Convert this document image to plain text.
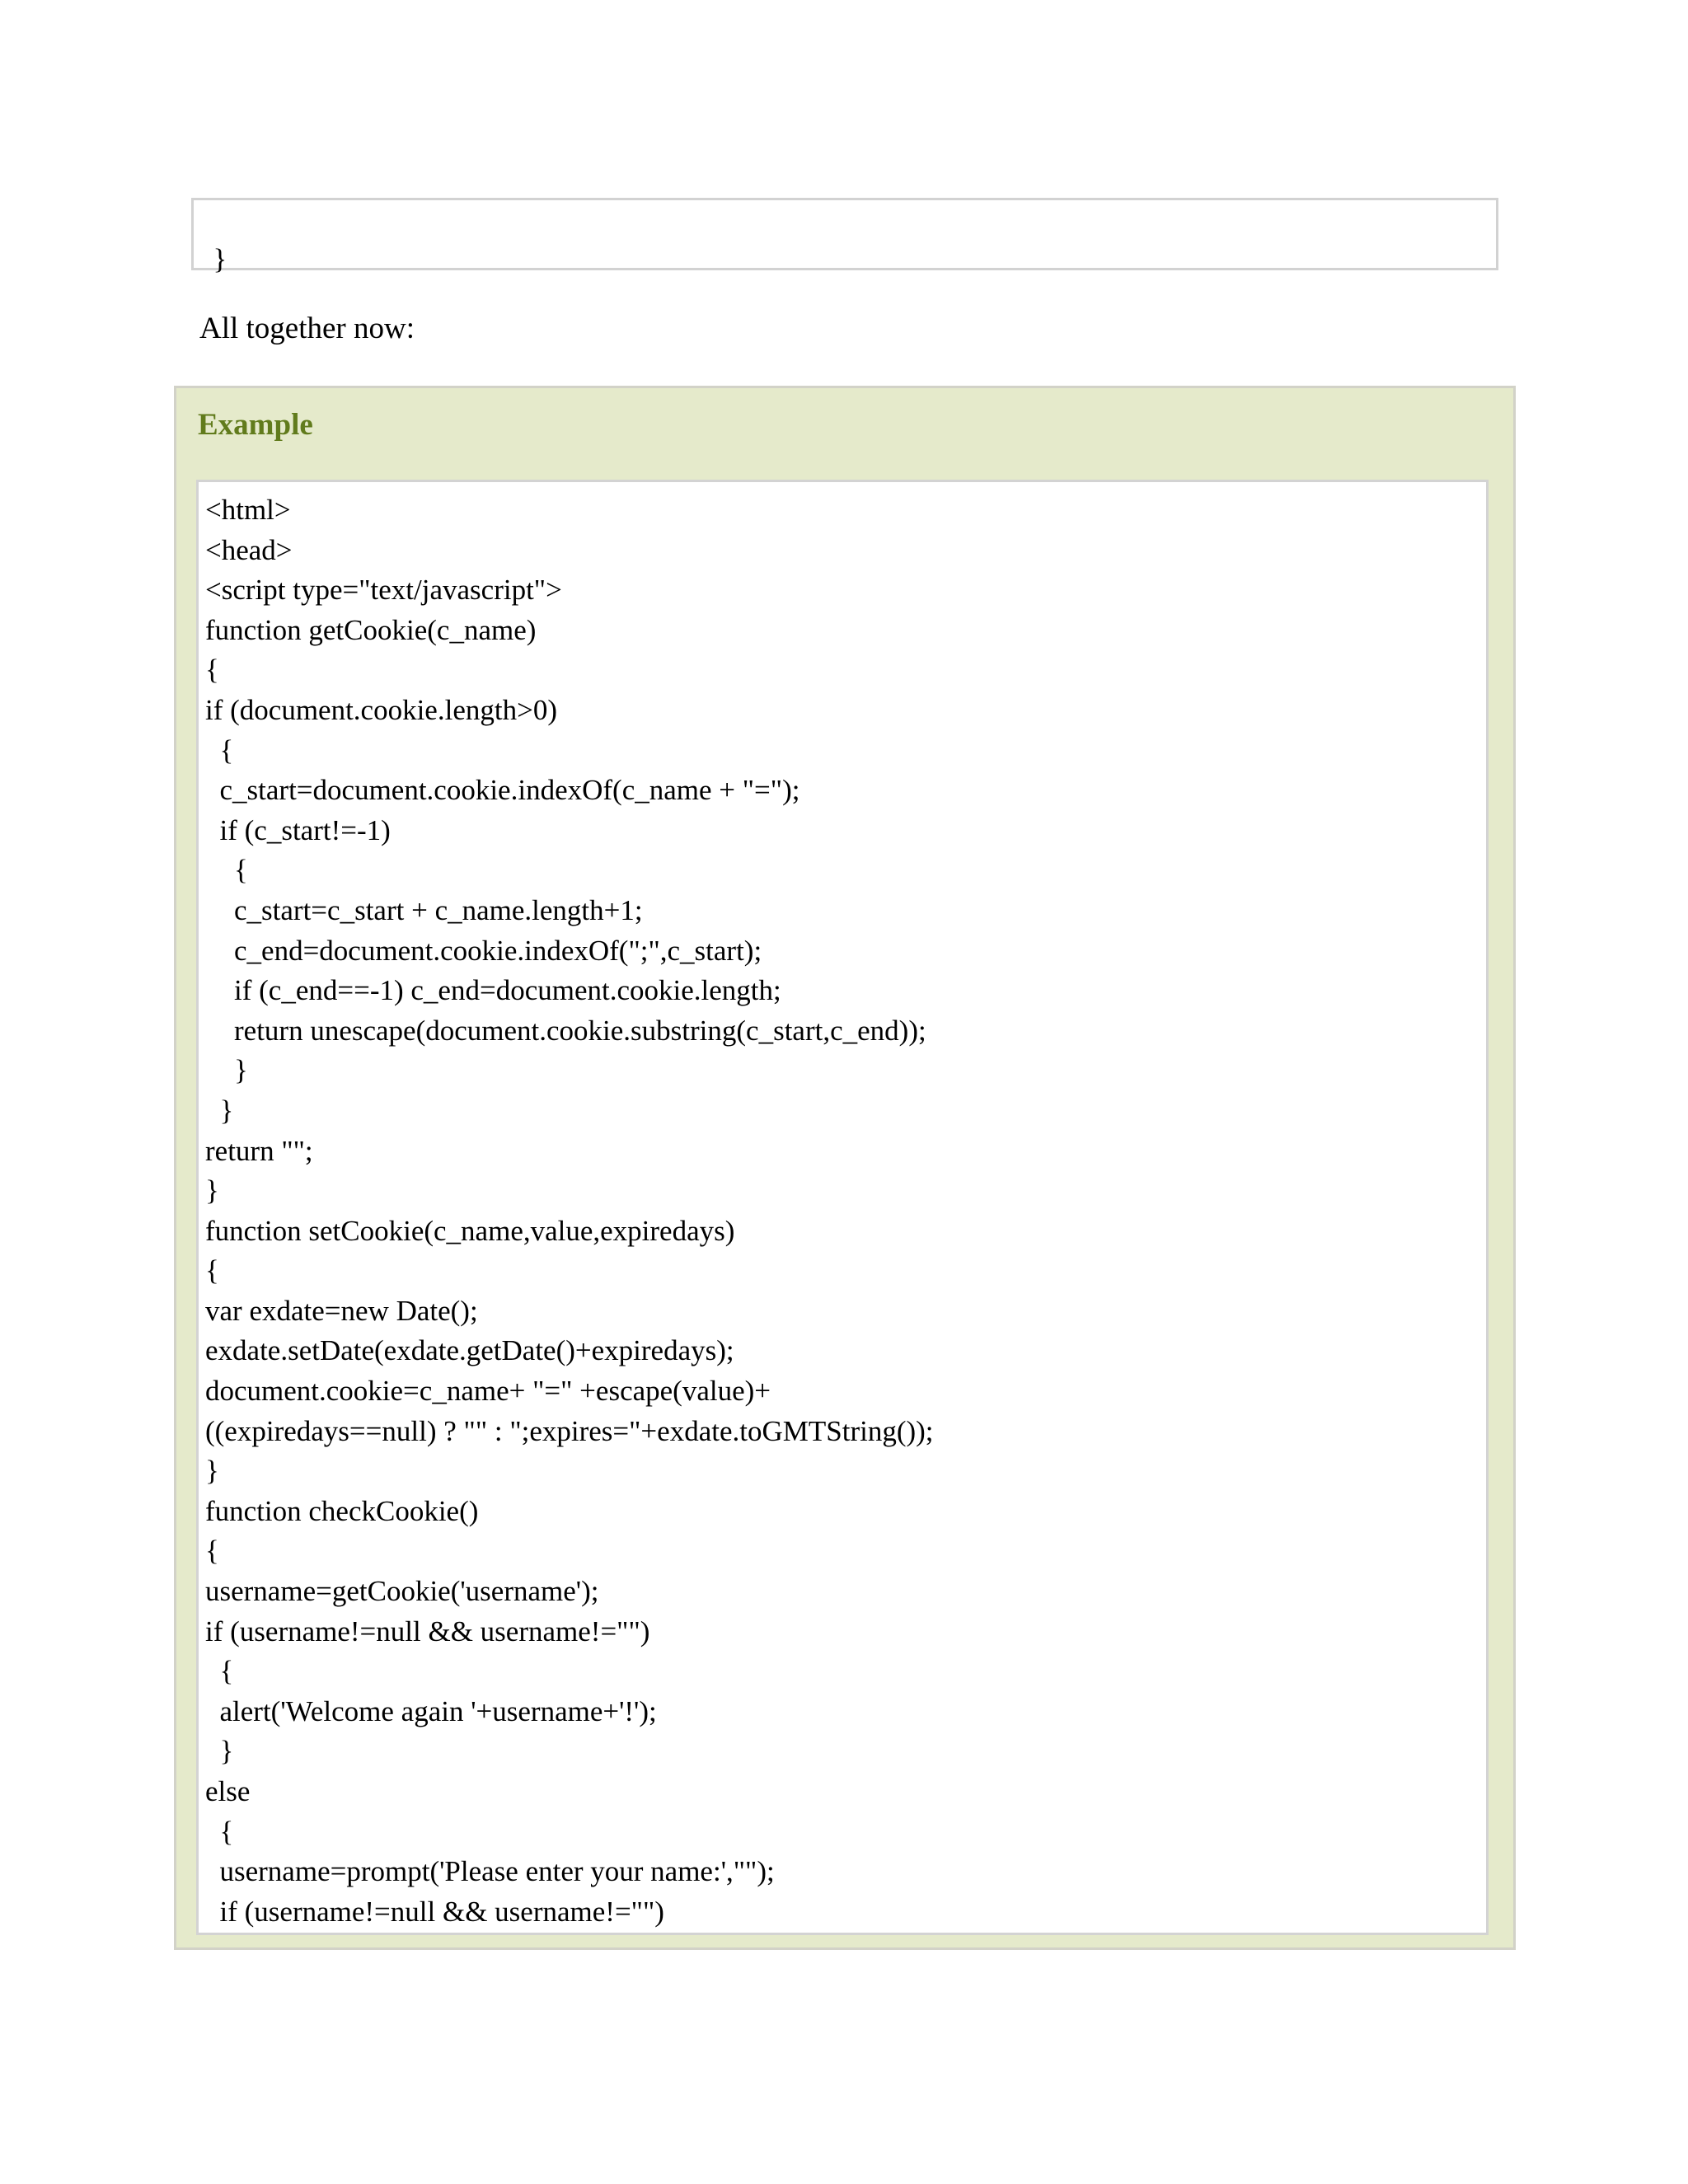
}

All together now:
Example
<html>
<head>
<script type="text/javascript">
function getCookie(c_name)
{
if (document.cookie.length>0)
{
c_start=document.cookie.indexOf(c_name + "=");
if (c_start!=-1)
{
c_start=c_start + c_name.length+1;
c_end=document.cookie.indexOf(";",c_start);
if (c_end==-1) c_end=document.cookie.length;
return unescape(document.cookie.substring(c_start,c_end));
}
}
return "";
}
function setCookie(c_name,value,expiredays)
{
var exdate=new Date();
exdate.setDate(exdate.getDate()+expiredays);
document.cookie=c_name+ "=" +escape(value)+
((expiredays==null) ? "" : ";expires="+exdate.toGMTString());
}
function checkCookie()
{
username=getCookie('username');
if (username!=null && username!="")
{
alert('Welcome again '+username+'!');
}
else
{
username=prompt('Please enter your name:',"");
if (username!=null && username!="")
